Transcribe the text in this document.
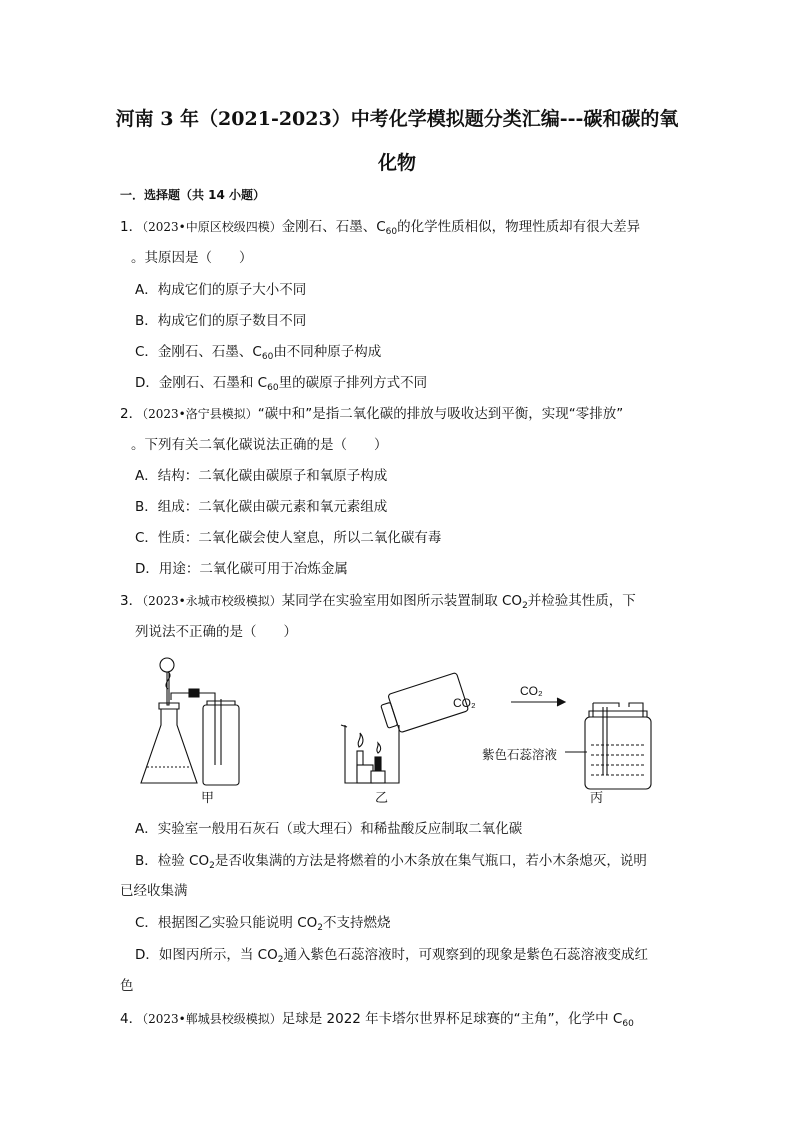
河南 3 年（2021-2023）中考化学模拟题分类汇编---碳和碳的氧
化物
一．选择题（共 14 小题）
1．（2023•中原区校级四模）金刚石、石墨、$C_{60}$的化学性质相似，物理性质却有很大差异
。其原因是（　　）
A．构成它们的原子大小不同
B．构成它们的原子数目不同
C．金刚石、石墨、$C_{60}$由不同种原子构成
D．金刚石、石墨和 $C_{60}$里的碳原子排列方式不同
2．（2023•洛宁县模拟）“碳中和”是指二氧化碳的排放与吸收达到平衡，实现“零排放”
。下列有关二氧化碳说法正确的是（　　）
A．结构：二氧化碳由碳原子和氧原子构成
B．组成：二氧化碳由碳元素和氧元素组成
C．性质：二氧化碳会使人窒息，所以二氧化碳有毒
D．用途：二氧化碳可用于冶炼金属
3．（2023•永城市校级模拟）某同学在实验室用如图所示装置制取 $CO_2$并检验其性质，下
列说法不正确的是（　　）
CO₂
CO₂
紫色石蕊溶液
甲	乙	丙
A．实验室一般用石灰石（或大理石）和稀盐酸反应制取二氧化碳
B．检验 $CO_2$是否收集满的方法是将燃着的小木条放在集气瓶口，若小木条熄灭，说明
已经收集满
C．根据图乙实验只能说明 $CO_2$不支持燃烧
D．如图丙所示，当 $CO_2$通入紫色石蕊溶液时，可观察到的现象是紫色石蕊溶液变成红
色
4．（2023•郸城县校级模拟）足球是 2022 年卡塔尔世界杯足球赛的“主角”，化学中 $C_{60}$
